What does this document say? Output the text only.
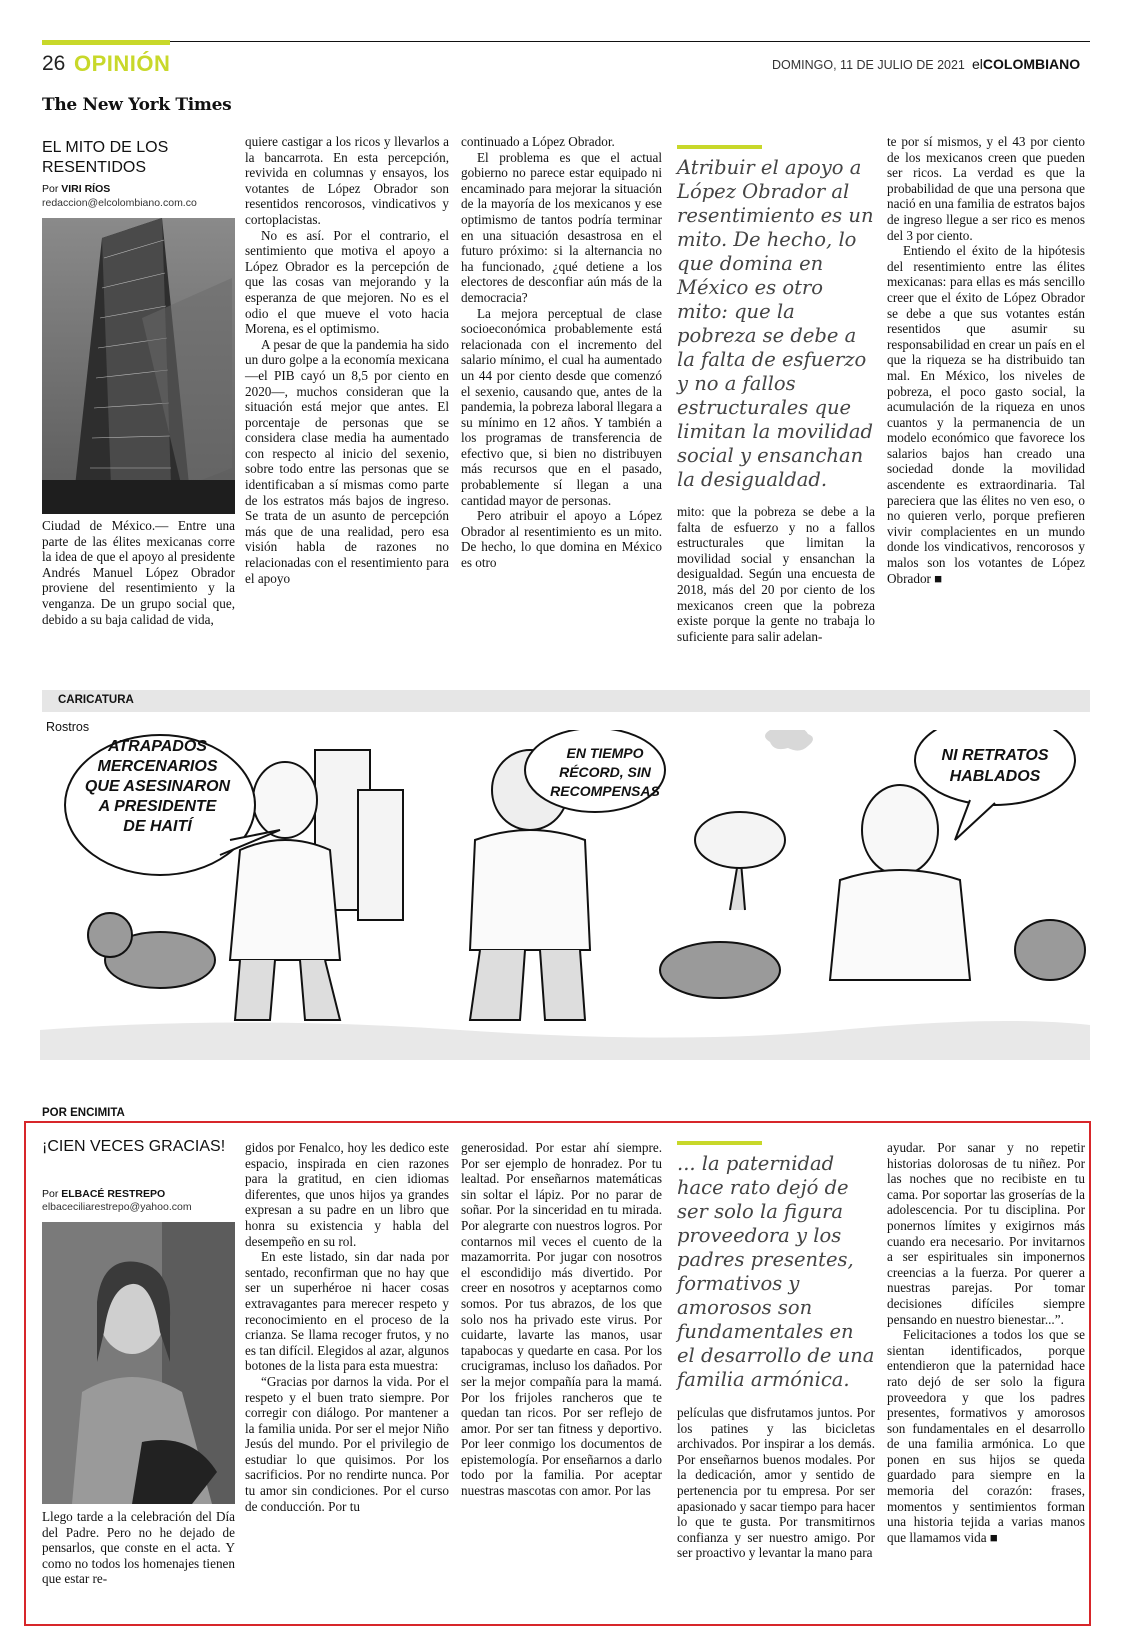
26 OPINIÓN	DOMINGO, 11 DE JULIO DE 2021 elCOLOMBIANO
The New York Times
EL MITO DE LOS
RESENTIDOS
Por VIRI RÍOS
redaccion@elcolombiano.com.co

Ciudad de México.— Entre una parte de las élites mexicanas corre la idea de que el apoyo al presidente Andrés Manuel López Obrador proviene del resentimiento y la venganza. De un grupo social que, debido a su baja calidad de vida,

quiere castigar a los ricos y llevarlos a la bancarrota. En esta percepción, revivida en columnas y ensayos, los votantes de López Obrador son resentidos rencorosos, vindicativos y cortoplacistas.

No es así. Por el contrario, el sentimiento que motiva el apoyo a López Obrador es la percepción de que las cosas van mejorando y la esperanza de que mejoren. No es el odio el que mueve el voto hacia Morena, es el optimismo.

A pesar de que la pandemia ha sido un duro golpe a la economía mexicana —el PIB cayó un 8,5 por ciento en 2020—, muchos consideran que la situación está mejor que antes. El porcentaje de personas que se considera clase media ha aumentado con respecto al inicio del sexenio, sobre todo entre las personas que se identificaban a sí mismas como parte de los estratos más bajos de ingreso. Se trata de un asunto de percepción más que de una realidad, pero esa visión habla de razones no relacionadas con el resentimiento para el apoyo

continuado a López Obrador.

El problema es que el actual gobierno no parece estar equipado ni encaminado para mejorar la situación de la mayoría de los mexicanos y ese optimismo de tantos podría terminar en una situación desastrosa en el futuro próximo: si la alternancia no ha funcionado, ¿qué detiene a los electores de desconfiar aún más de la democracia?

La mejora perceptual de clase socioeconómica probablemente está relacionada con el incremento del salario mínimo, el cual ha aumentado un 44 por ciento desde que comenzó el sexenio, causando que, antes de la pandemia, la pobreza laboral llegara a su mínimo en 12 años. Y también a los programas de transferencia de efectivo que, si bien no distribuyen más recursos que en el pasado, probablemente sí llegan a una cantidad mayor de personas.

Pero atribuir el apoyo a López Obrador al resentimiento es un mito. De hecho, lo que domina en México es otro

Atribuir el apoyo a López Obrador al resentimiento es un mito. De hecho, lo que domina en México es otro mito: que la pobreza se debe a la falta de esfuerzo y no a fallos estructurales que limitan la movilidad social y ensanchan la desigualdad.

mito: que la pobreza se debe a la falta de esfuerzo y no a fallos estructurales que limitan la movilidad social y ensanchan la desigualdad. Según una encuesta de 2018, más del 20 por ciento de los mexicanos creen que la pobreza existe porque la gente no trabaja lo suficiente para salir adelan-

te por sí mismos, y el 43 por ciento de los mexicanos creen que pueden ser ricos. La verdad es que la probabilidad de que una persona que nació en una familia de estratos bajos de ingreso llegue a ser rico es menos del 3 por ciento.

Entiendo el éxito de la hipótesis del resentimiento entre las élites mexicanas: para ellas es más sencillo creer que el éxito de López Obrador se debe a que sus votantes están resentidos que asumir su responsabilidad en crear un país en el que la riqueza se ha distribuido tan mal. En México, los niveles de pobreza, el poco gasto social, la acumulación de la riqueza en unos cuantos y la permanencia de un modelo económico que favorece los salarios bajos han creado una sociedad donde la movilidad ascendente es extraordinaria. Tal pareciera que las élites no ven eso, o no quieren verlo, porque prefieren vivir complacientes en un mundo donde los vindicativos, rencorosos y malos son los votantes de López Obrador ■

CARICATURA
Rostros
ATRAPADOS
MERCENARIOS
QUE ASESINARON
A PRESIDENTE
DE HAITÍ
EN TIEMPO
RÉCORD, SIN
RECOMPENSAS
NI RETRATOS
HABLADOS
POR ENCIMITA
¡CIEN VECES GRACIAS!
Por ELBACÉ RESTREPO
elbaceciliarestrepo@yahoo.com

Llego tarde a la celebración del Día del Padre. Pero no he dejado de pensarlos, que conste en el acta. Y como no todos los homenajes tienen que estar re-

gidos por Fenalco, hoy les dedico este espacio, inspirada en cien razones para la gratitud, en cien idiomas diferentes, que unos hijos ya grandes expresan a su padre en un libro que honra su existencia y habla del desempeño en su rol.

En este listado, sin dar nada por sentado, reconfirman que no hay que ser un superhéroe ni hacer cosas extravagantes para merecer respeto y reconocimiento en el proceso de la crianza. Se llama recoger frutos, y no es tan difícil. Elegidos al azar, algunos botones de la lista para esta muestra:

“Gracias por darnos la vida. Por el respeto y el buen trato siempre. Por corregir con diálogo. Por mantener a la familia unida. Por ser el mejor Niño Jesús del mundo. Por el privilegio de estudiar lo que quisimos. Por los sacrificios. Por no rendirte nunca. Por tu amor sin condiciones. Por el curso de conducción. Por tu

generosidad. Por estar ahí siempre. Por ser ejemplo de honradez. Por tu lealtad. Por enseñarnos matemáticas sin soltar el lápiz. Por no parar de soñar. Por la sinceridad en tu mirada. Por alegrarte con nuestros logros. Por contarnos mil veces el cuento de la mazamorrita. Por jugar con nosotros el escondidijo más divertido. Por creer en nosotros y aceptarnos como somos. Por tus abrazos, de los que solo nos ha privado este virus. Por cuidarte, lavarte las manos, usar tapabocas y quedarte en casa. Por los crucigramas, incluso los dañados. Por ser la mejor compañía para la mamá. Por los frijoles rancheros que te quedan tan ricos. Por ser reflejo de amor. Por ser tan fitness y deportivo. Por leer conmigo los documentos de epistemología. Por enseñarnos a darlo todo por la familia. Por aceptar nuestras mascotas con amor. Por las

... la paternidad hace rato dejó de ser solo la figura proveedora y los padres presentes, formativos y amorosos son fundamentales en el desarrollo de una familia armónica.

películas que disfrutamos juntos. Por los patines y las bicicletas archivados. Por inspirar a los demás. Por enseñarnos buenos modales. Por la dedicación, amor y sentido de pertenencia por tu empresa. Por ser apasionado y sacar tiempo para hacer lo que te gusta. Por transmitirnos confianza y ser nuestro amigo. Por ser proactivo y levantar la mano para

ayudar. Por sanar y no repetir historias dolorosas de tu niñez. Por las noches que no recibiste en tu cama. Por soportar las groserías de la adolescencia. Por tu disciplina. Por ponernos límites y exigirnos más cuando era necesario. Por invitarnos a ser espirituales sin imponernos creencias a la fuerza. Por querer a nuestras parejas. Por tomar decisiones difíciles siempre pensando en nuestro bienestar...”.

Felicitaciones a todos los que se sientan identificados, porque entendieron que la paternidad hace rato dejó de ser solo la figura proveedora y que los padres presentes, formativos y amorosos son fundamentales en el desarrollo de una familia armónica. Lo que ponen en sus hijos se queda guardado para siempre en la memoria del corazón: frases, momentos y sentimientos forman una historia tejida a varias manos que llamamos vida ■
